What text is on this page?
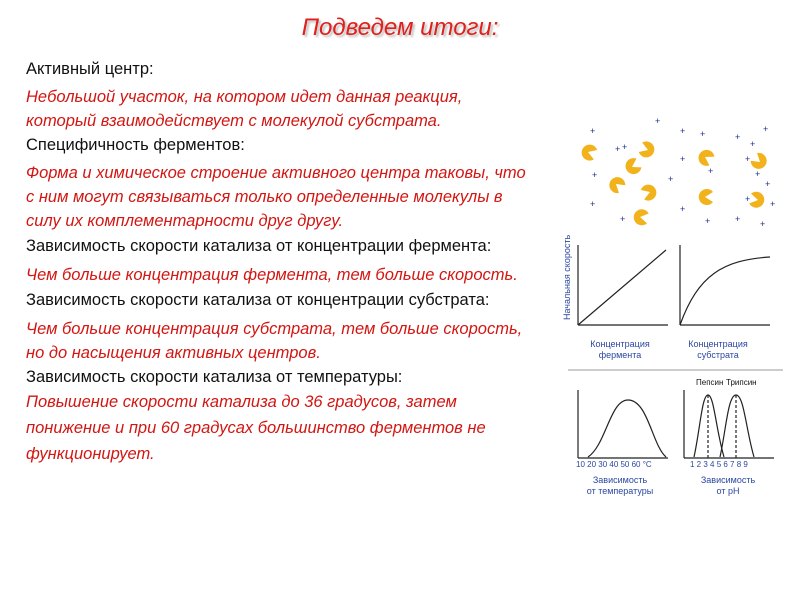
Подведем итоги:

Активный центр:

Небольшой участок, на котором идет данная реакция, который взаимодействует с молекулой субстрата.

Специфичность ферментов:

Форма и химическое строение активного центра таковы, что с ним могут связываться только определенные молекулы в силу их комплементарности друг другу.

Зависимость скорости катализа от концентрации фермента:

Чем больше концентрация фермента, тем больше скорость.

Зависимость скорости катализа от концентрации субстрата:

Чем больше концентрация субстрата, тем больше скорость, но до насыщения активных центров.

Зависимость скорости катализа от температуры:

Повышение скорости катализа до 36 градусов, затем понижение и при 60 градусах большинство ферментов не функционирует.

+
+
+
+
+
+
+
+
+
+
+
+
+
+
+
+
+
+
+
+ +
+ +
+
Начальная скорость
Концентрация
фермента
Концентрация
субстрата
10 20 30 40 50 60 °C
Зависимость
от температуры
Пепсин Трипсин
1 2 3 4 5 6 7 8 9
Зависимость
от pH
